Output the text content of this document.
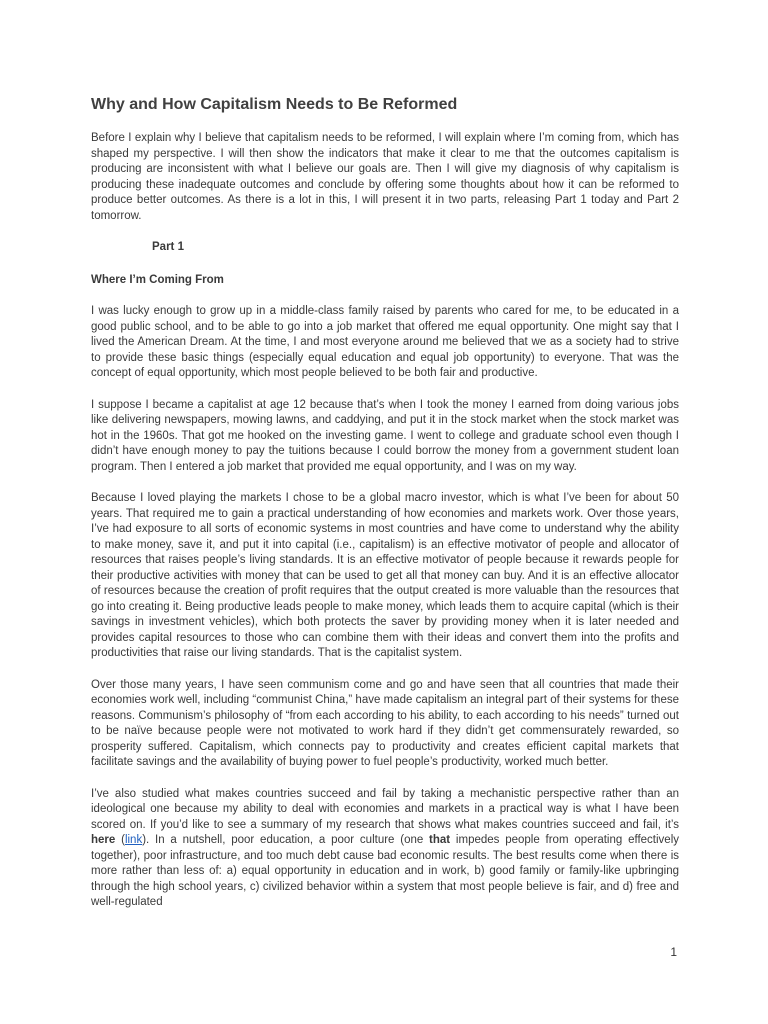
Why and How Capitalism Needs to Be Reformed

Before I explain why I believe that capitalism needs to be reformed, I will explain where I’m coming from, which has shaped my perspective. I will then show the indicators that make it clear to me that the outcomes capitalism is producing are inconsistent with what I believe our goals are. Then I will give my diagnosis of why capitalism is producing these inadequate outcomes and conclude by offering some thoughts about how it can be reformed to produce better outcomes. As there is a lot in this, I will present it in two parts, releasing Part 1 today and Part 2 tomorrow.

Part 1
Where I’m Coming From

I was lucky enough to grow up in a middle-class family raised by parents who cared for me, to be educated in a good public school, and to be able to go into a job market that offered me equal opportunity. One might say that I lived the American Dream. At the time, I and most everyone around me believed that we as a society had to strive to provide these basic things (especially equal education and equal job opportunity) to everyone. That was the concept of equal opportunity, which most people believed to be both fair and productive.

I suppose I became a capitalist at age 12 because that’s when I took the money I earned from doing various jobs like delivering newspapers, mowing lawns, and caddying, and put it in the stock market when the stock market was hot in the 1960s. That got me hooked on the investing game. I went to college and graduate school even though I didn’t have enough money to pay the tuitions because I could borrow the money from a government student loan program. Then I entered a job market that provided me equal opportunity, and I was on my way.

Because I loved playing the markets I chose to be a global macro investor, which is what I’ve been for about 50 years. That required me to gain a practical understanding of how economies and markets work. Over those years, I’ve had exposure to all sorts of economic systems in most countries and have come to understand why the ability to make money, save it, and put it into capital (i.e., capitalism) is an effective motivator of people and allocator of resources that raises people’s living standards. It is an effective motivator of people because it rewards people for their productive activities with money that can be used to get all that money can buy. And it is an effective allocator of resources because the creation of profit requires that the output created is more valuable than the resources that go into creating it. Being productive leads people to make money, which leads them to acquire capital (which is their savings in investment vehicles), which both protects the saver by providing money when it is later needed and provides capital resources to those who can combine them with their ideas and convert them into the profits and productivities that raise our living standards. That is the capitalist system.

Over those many years, I have seen communism come and go and have seen that all countries that made their economies work well, including “communist China,” have made capitalism an integral part of their systems for these reasons. Communism’s philosophy of “from each according to his ability, to each according to his needs” turned out to be naïve because people were not motivated to work hard if they didn’t get commensurately rewarded, so prosperity suffered. Capitalism, which connects pay to productivity and creates efficient capital markets that facilitate savings and the availability of buying power to fuel people’s productivity, worked much better.

I’ve also studied what makes countries succeed and fail by taking a mechanistic perspective rather than an ideological one because my ability to deal with economies and markets in a practical way is what I have been scored on. If you’d like to see a summary of my research that shows what makes countries succeed and fail, it’s here (link). In a nutshell, poor education, a poor culture (one that impedes people from operating effectively together), poor infrastructure, and too much debt cause bad economic results. The best results come when there is more rather than less of: a) equal opportunity in education and in work, b) good family or family-like upbringing through the high school years, c) civilized behavior within a system that most people believe is fair, and d) free and well-regulated

1
